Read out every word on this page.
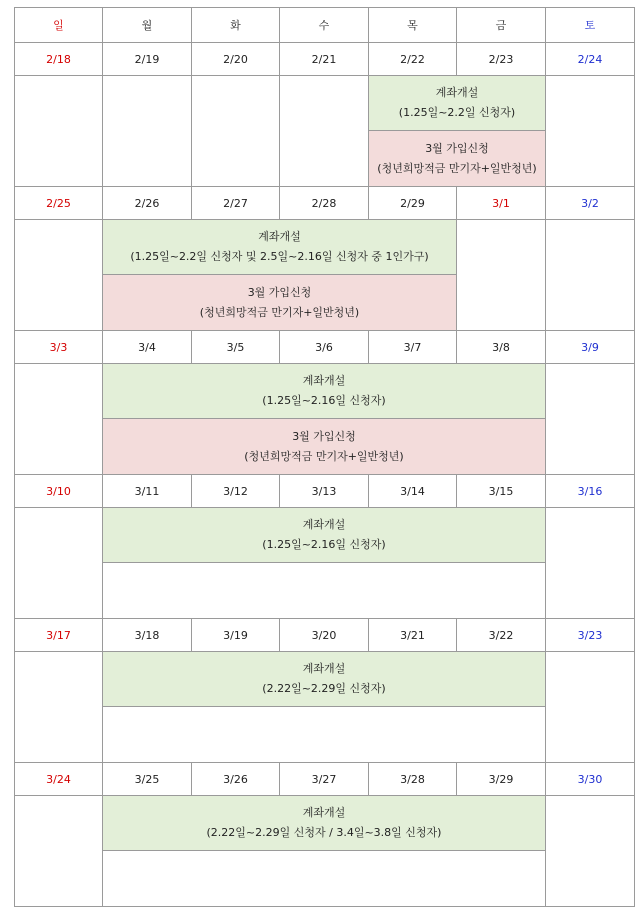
일	월	화	수	목	금	토
2/18	2/19	2/20	2/21	2/22	2/23	2/24

				계좌개설
(1.25일~2.2일 신청자)		

				3월 가입신청
(청년희망적금 만기자+일반청년)		

2/25	2/26	2/27	2/28	2/29	3/1	3/2

	계좌개설
(1.25일~2.2일 신청자 및 2.5일~2.16일 신청자 중 1인가구)					

	3월 가입신청
(청년희망적금 만기자+일반청년)					

3/3	3/4	3/5	3/6	3/7	3/8	3/9

	계좌개설
(1.25일~2.16일 신청자)					

	3월 가입신청
(청년희망적금 만기자+일반청년)					

3/10	3/11	3/12	3/13	3/14	3/15	3/16

	계좌개설
(1.25일~2.16일 신청자)					

3/17	3/18	3/19	3/20	3/21	3/22	3/23

	계좌개설
(2.22일~2.29일 신청자)					

3/24	3/25	3/26	3/27	3/28	3/29	3/30

	계좌개설
(2.22일~2.29일 신청자 / 3.4일~3.8일 신청자)					
